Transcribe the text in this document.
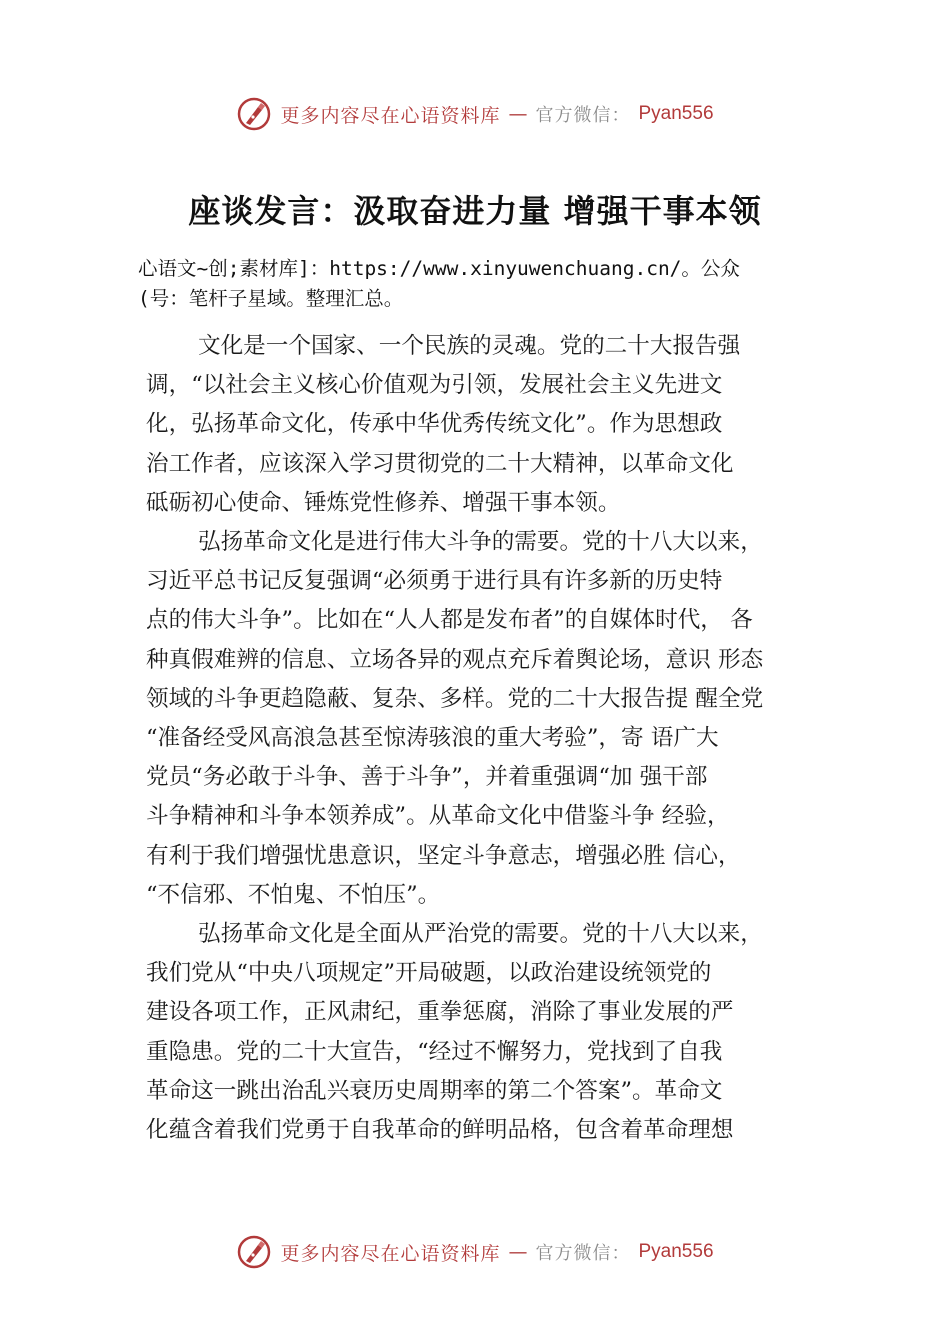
更多内容尽在心语资料库 — 官方微信： Pyan556
座谈发言：汲取奋进力量 增强干事本领
心语文~创;素材库]：https://www.xinyuwenchuang.cn/。公众
(号：笔杆子星域。整理汇总。
文化是一个国家、一个民族的灵魂。党的二十大报告强
调，“以社会主义核心价值观为引领，发展社会主义先进文
化，弘扬革命文化，传承中华优秀传统文化”。作为思想政
治工作者，应该深入学习贯彻党的二十大精神，以革命文化
砥砺初心使命、锤炼党性修养、增强干事本领。
弘扬革命文化是进行伟大斗争的需要。党的十八大以来，
习近平总书记反复强调“必须勇于进行具有许多新的历史特
点的伟大斗争”。比如在“人人都是发布者”的自媒体时代， 各
种真假难辨的信息、立场各异的观点充斥着舆论场，意识 形态
领域的斗争更趋隐蔽、复杂、多样。党的二十大报告提 醒全党
“准备经受风高浪急甚至惊涛骇浪的重大考验”，寄 语广大
党员“务必敢于斗争、善于斗争”，并着重强调“加 强干部
斗争精神和斗争本领养成”。从革命文化中借鉴斗争 经验，
有利于我们增强忧患意识，坚定斗争意志，增强必胜 信心，
“不信邪、不怕鬼、不怕压”。
弘扬革命文化是全面从严治党的需要。党的十八大以来，
我们党从“中央八项规定”开局破题，以政治建设统领党的
建设各项工作，正风肃纪，重拳惩腐，消除了事业发展的严
重隐患。党的二十大宣告，“经过不懈努力，党找到了自我
革命这一跳出治乱兴衰历史周期率的第二个答案”。革命文
化蕴含着我们党勇于自我革命的鲜明品格，包含着革命理想
更多内容尽在心语资料库 — 官方微信： Pyan556
